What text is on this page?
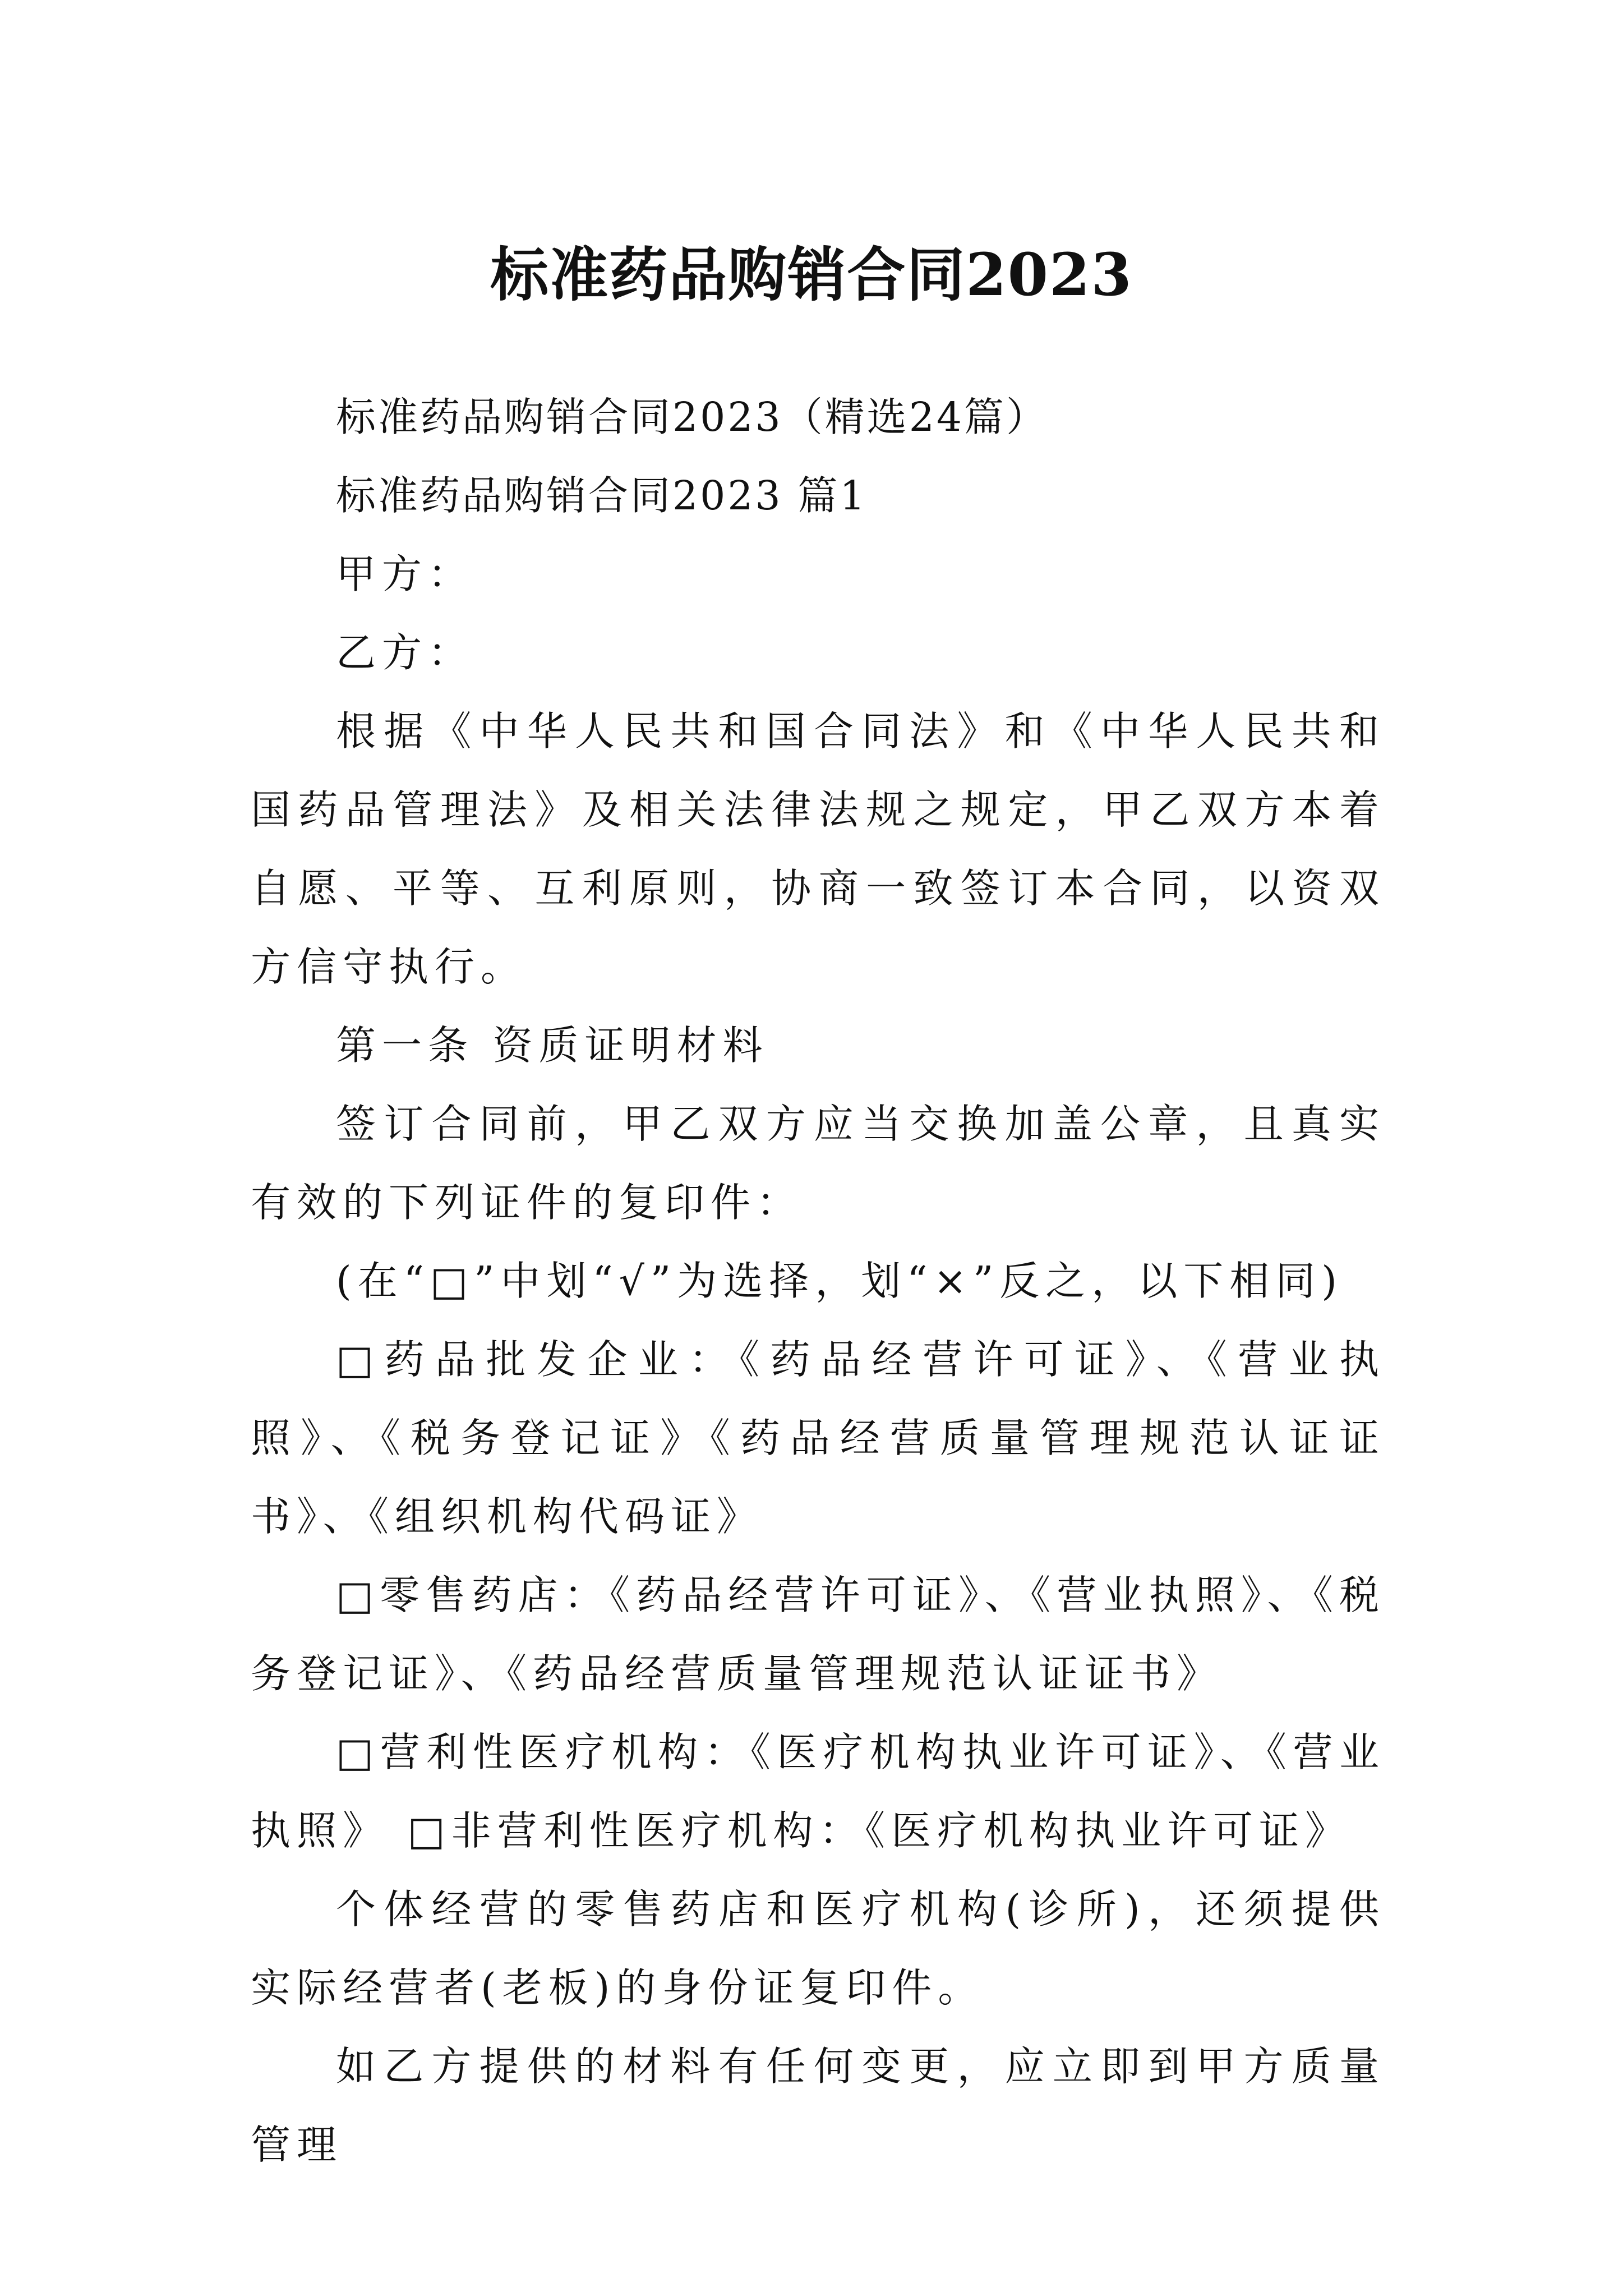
标准药品购销合同2023

标准药品购销合同2023（精选24篇）

标准药品购销合同2023 篇1

甲方：

乙方：

根据《中华人民共和国合同法》和《中华人民共和国药品管理法》及相关法律法规之规定，甲乙双方本着自愿、平等、互利原则，协商一致签订本合同，以资双方信守执行。

第一条 资质证明材料

签订合同前，甲乙双方应当交换加盖公章，且真实有效的下列证件的复印件：

(在“□”中划“√”为选择，划“×”反之，以下相同)

□药品批发企业：《药品经营许可证》、《营业执照》、《税务登记证》《药品经营质量管理规范认证证书》、《组织机构代码证》

□零售药店：《药品经营许可证》、《营业执照》、《税务登记证》、《药品经营质量管理规范认证证书》

□营利性医疗机构：《医疗机构执业许可证》、《营业执照》 □非营利性医疗机构：《医疗机构执业许可证》

个体经营的零售药店和医疗机构(诊所)，还须提供实际经营者(老板)的身份证复印件。

如乙方提供的材料有任何变更，应立即到甲方质量管理
